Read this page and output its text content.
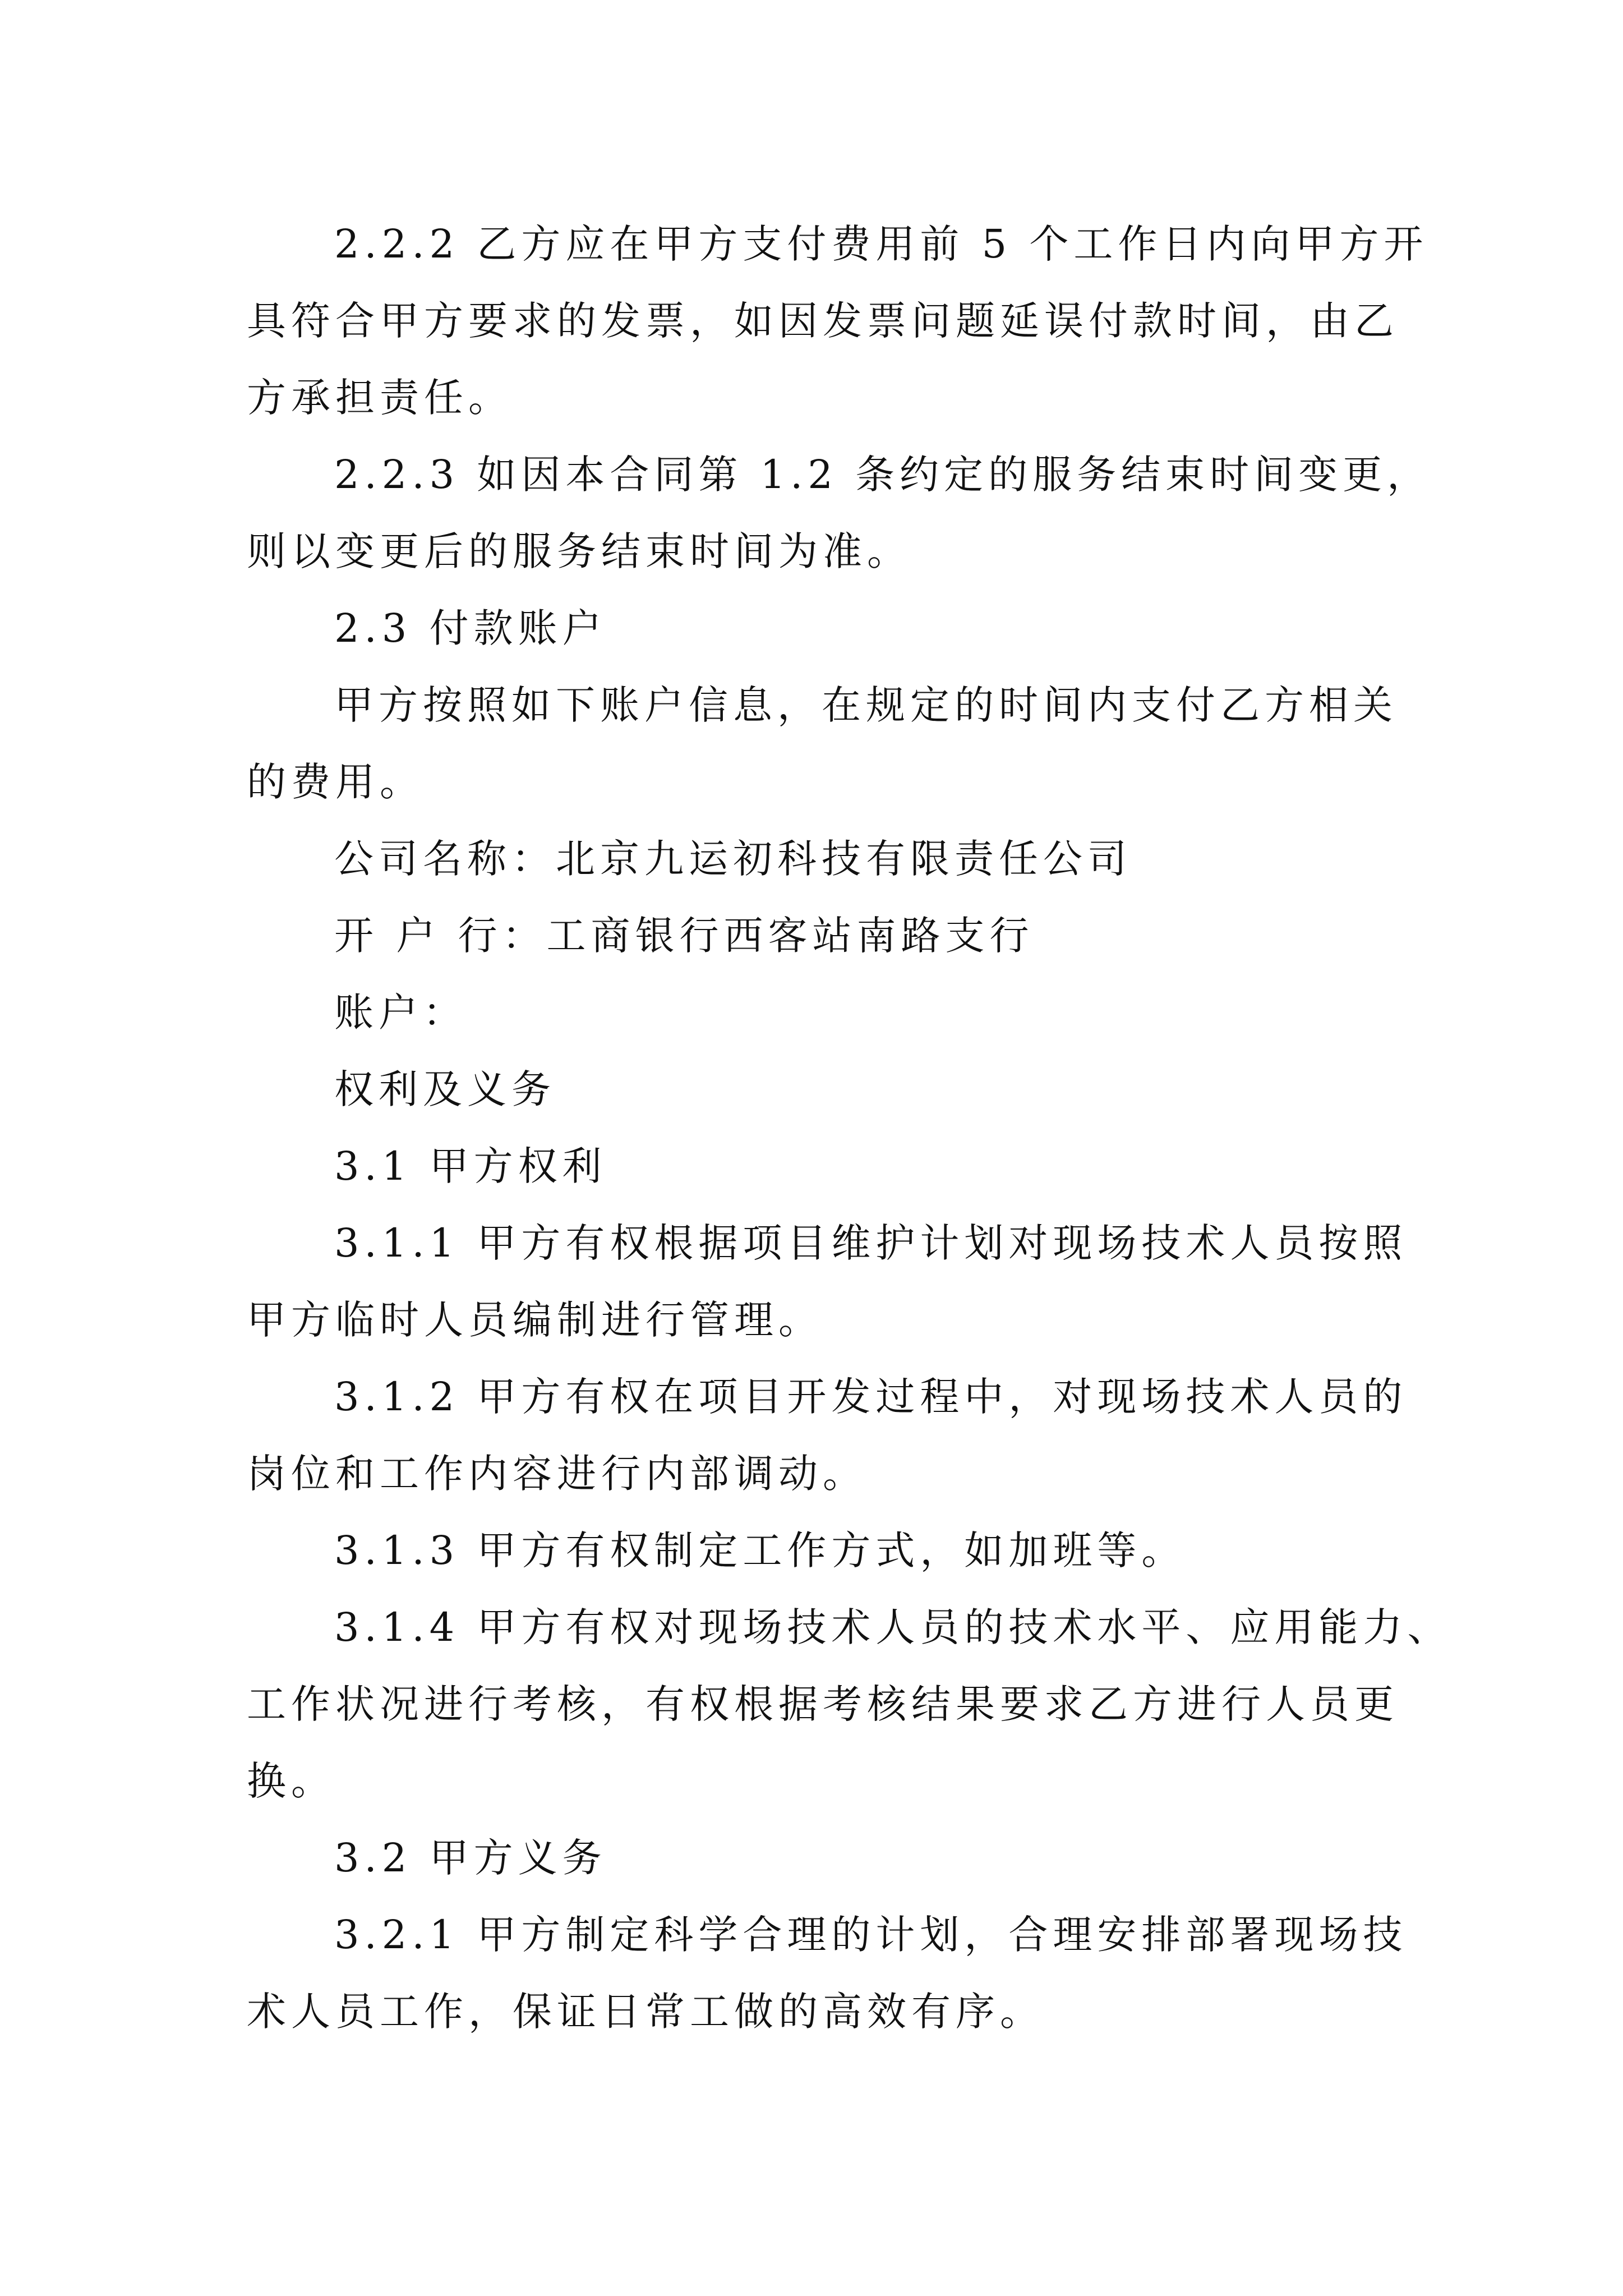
2.2.2 乙方应在甲方支付费用前 5 个工作日内向甲方开
具符合甲方要求的发票，如因发票问题延误付款时间，由乙
方承担责任。
2.2.3 如因本合同第 1.2 条约定的服务结束时间变更，
则以变更后的服务结束时间为准。
2.3 付款账户
甲方按照如下账户信息，在规定的时间内支付乙方相关
的费用。
公司名称：北京九运初科技有限责任公司
开 户 行：工商银行西客站南路支行
账户：
权利及义务
3.1 甲方权利
3.1.1 甲方有权根据项目维护计划对现场技术人员按照
甲方临时人员编制进行管理。
3.1.2 甲方有权在项目开发过程中，对现场技术人员的
岗位和工作内容进行内部调动。
3.1.3 甲方有权制定工作方式，如加班等。
3.1.4 甲方有权对现场技术人员的技术水平、应用能力、
工作状况进行考核，有权根据考核结果要求乙方进行人员更
换。
3.2 甲方义务
3.2.1 甲方制定科学合理的计划，合理安排部署现场技
术人员工作，保证日常工做的高效有序。
